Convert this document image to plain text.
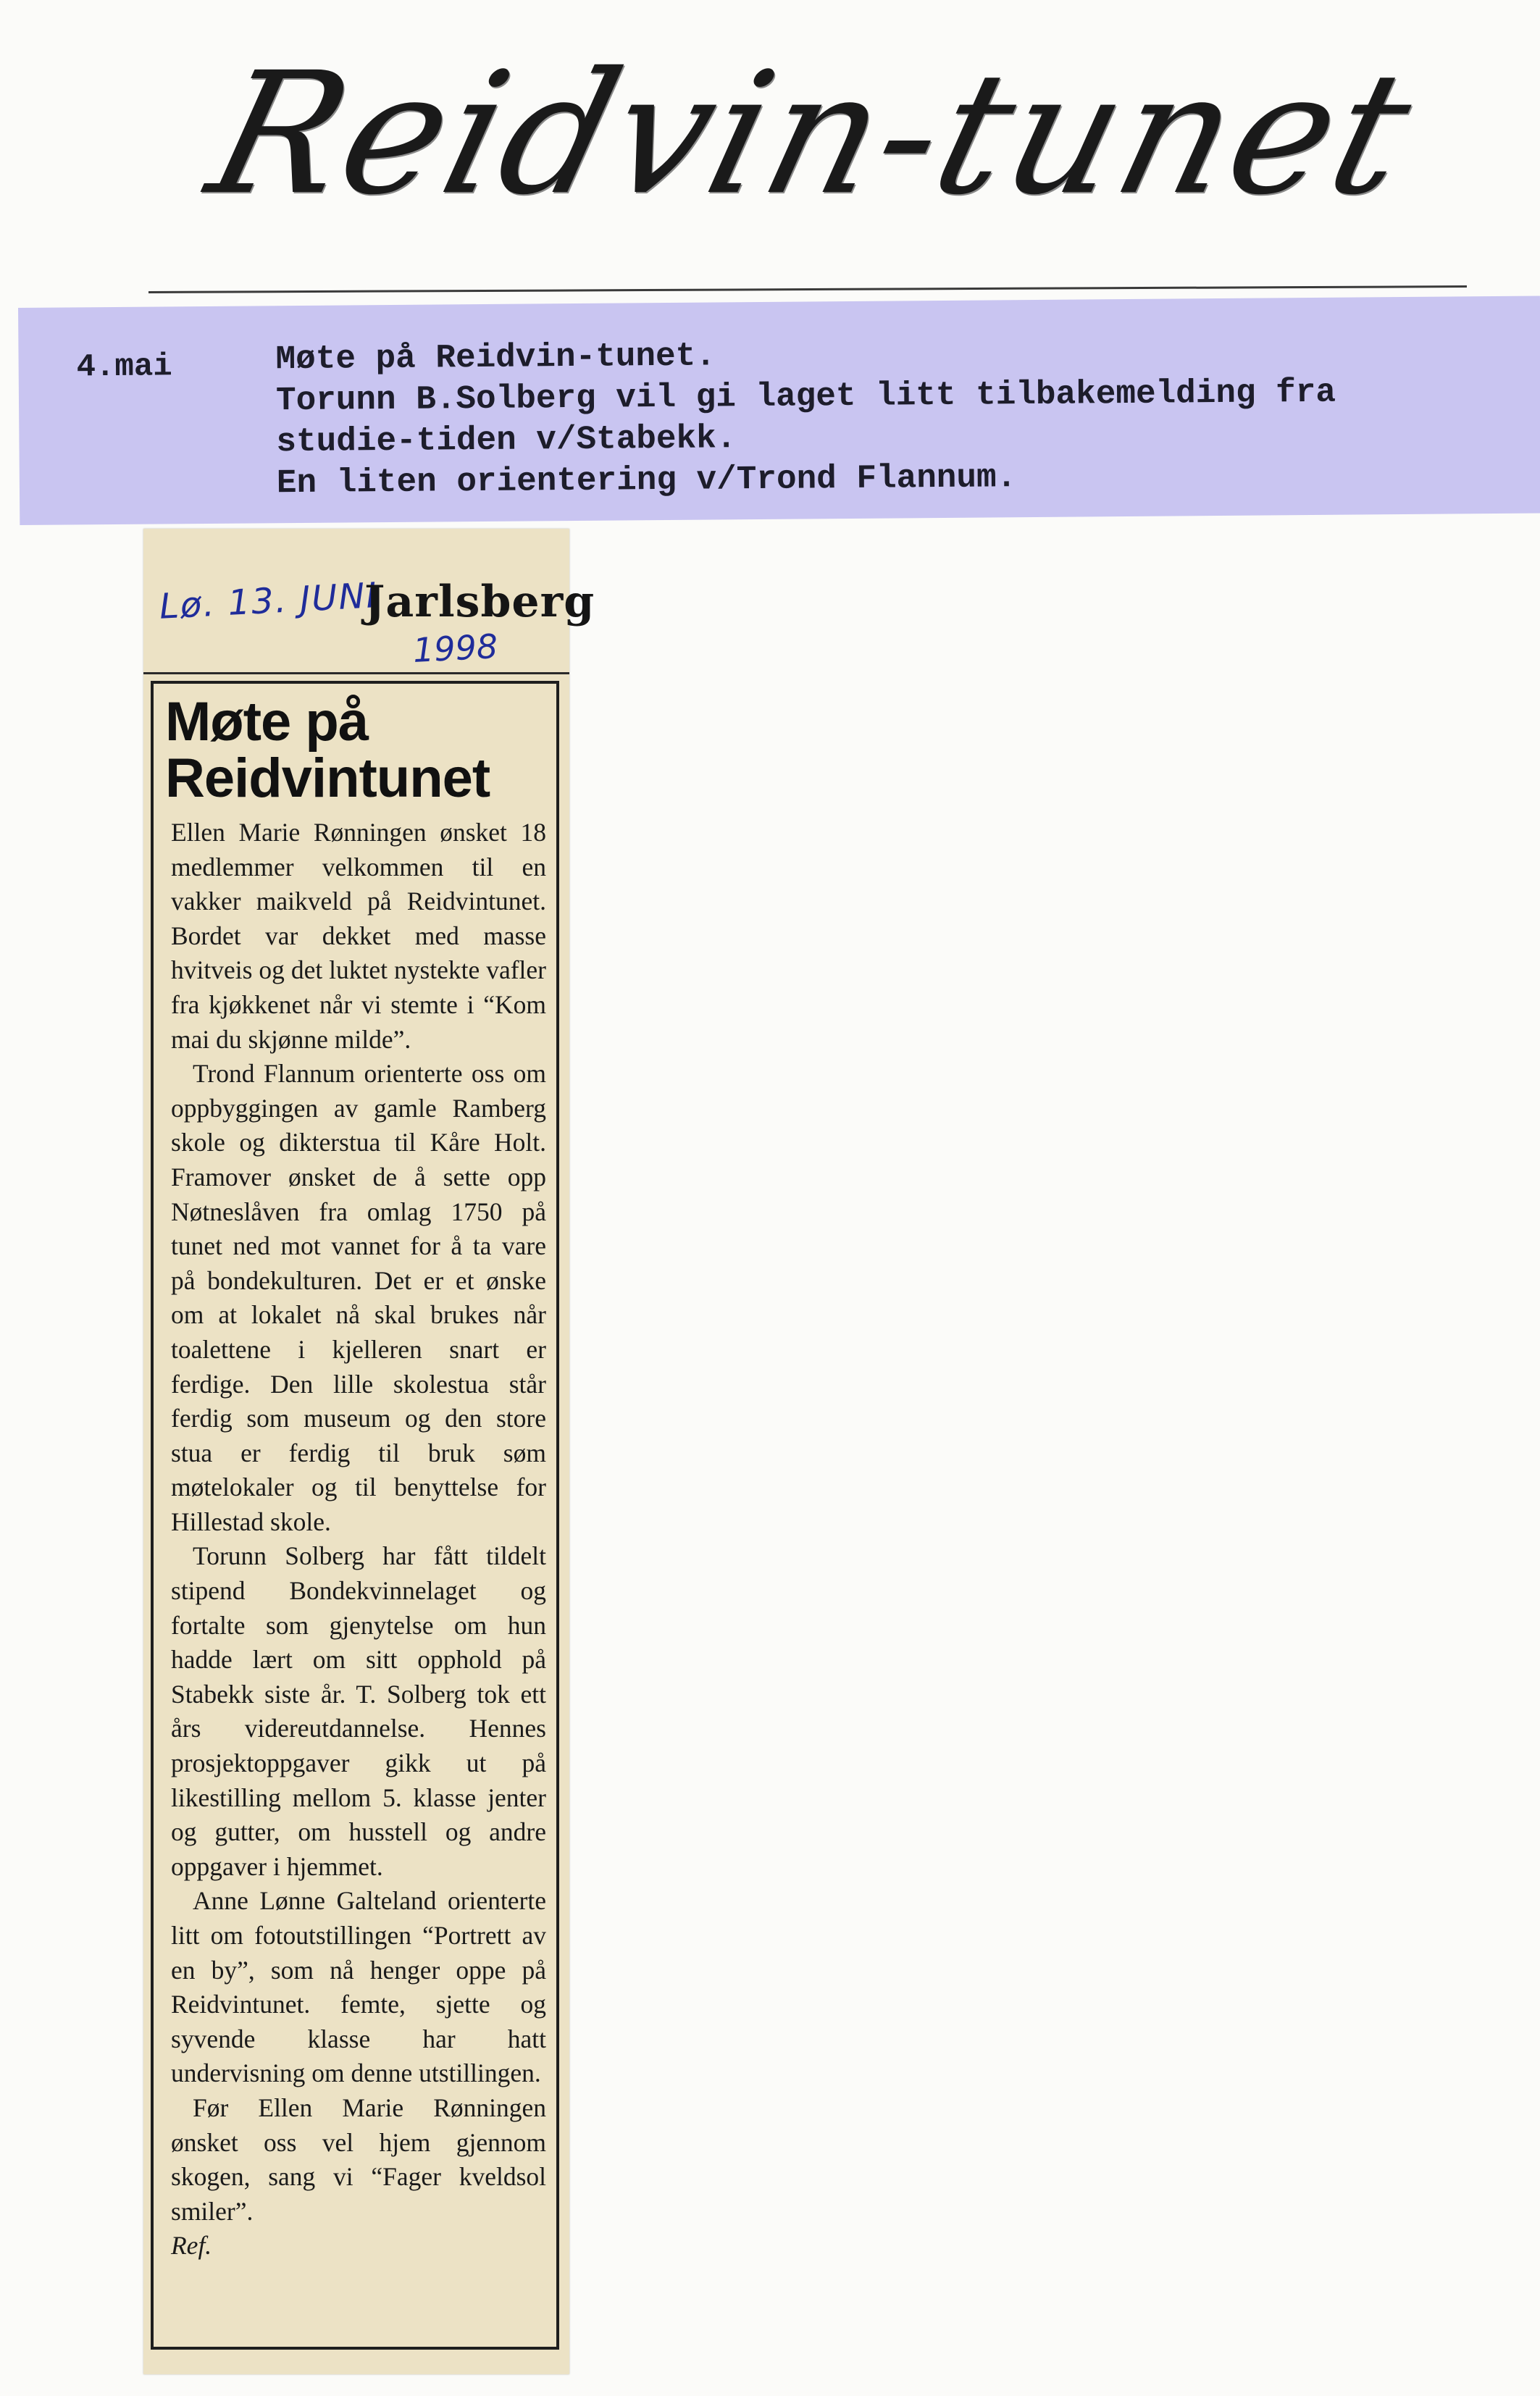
Reidvin-tunet
4.mai	Møte på Reidvin-tunet.
Torunn B.Solberg vil gi laget litt tilbakemelding fra
studie-tiden v/Stabekk.
En liten orientering v/Trond Flannum.
Lø. 13. JUNI
Jarlsberg
1998
Møte på
Reidvintunet

Ellen Marie Rønningen ønsket 18 medlemmer velkommen til en vakker maikveld på Reidvintunet. Bordet var dekket med masse hvitveis og det luktet nystekte vafler fra kjøkkenet når vi stemte i “Kom mai du skjønne milde”.

Trond Flannum orienterte oss om oppbyggingen av gamle Ramberg skole og dikterstua til Kåre Holt. Framover ønsket de å sette opp Nøtneslåven fra omlag 1750 på tunet ned mot vannet for å ta vare på bondekulturen. Det er et ønske om at lokalet nå skal brukes når toalettene i kjelleren snart er ferdige. Den lille skolestua står ferdig som museum og den store stua er ferdig til bruk søm møtelokaler og til benyttelse for Hillestad skole.

Torunn Solberg har fått tildelt stipend Bondekvinnelaget og fortalte som gjenytelse om hun hadde lært om sitt opphold på Stabekk siste år. T. Solberg tok ett års videreutdannelse. Hennes prosjektoppgaver gikk ut på likestilling mellom 5. klasse jenter og gutter, om husstell og andre oppgaver i hjemmet.

Anne Lønne Galteland orienterte litt om fotoutstillingen “Portrett av en by”, som nå henger oppe på Reidvintunet. femte, sjette og syvende klasse har hatt undervisning om denne utstillingen.

Før Ellen Marie Rønningen ønsket oss vel hjem gjennom skogen, sang vi “Fager kveldsol smiler”.

Ref.
